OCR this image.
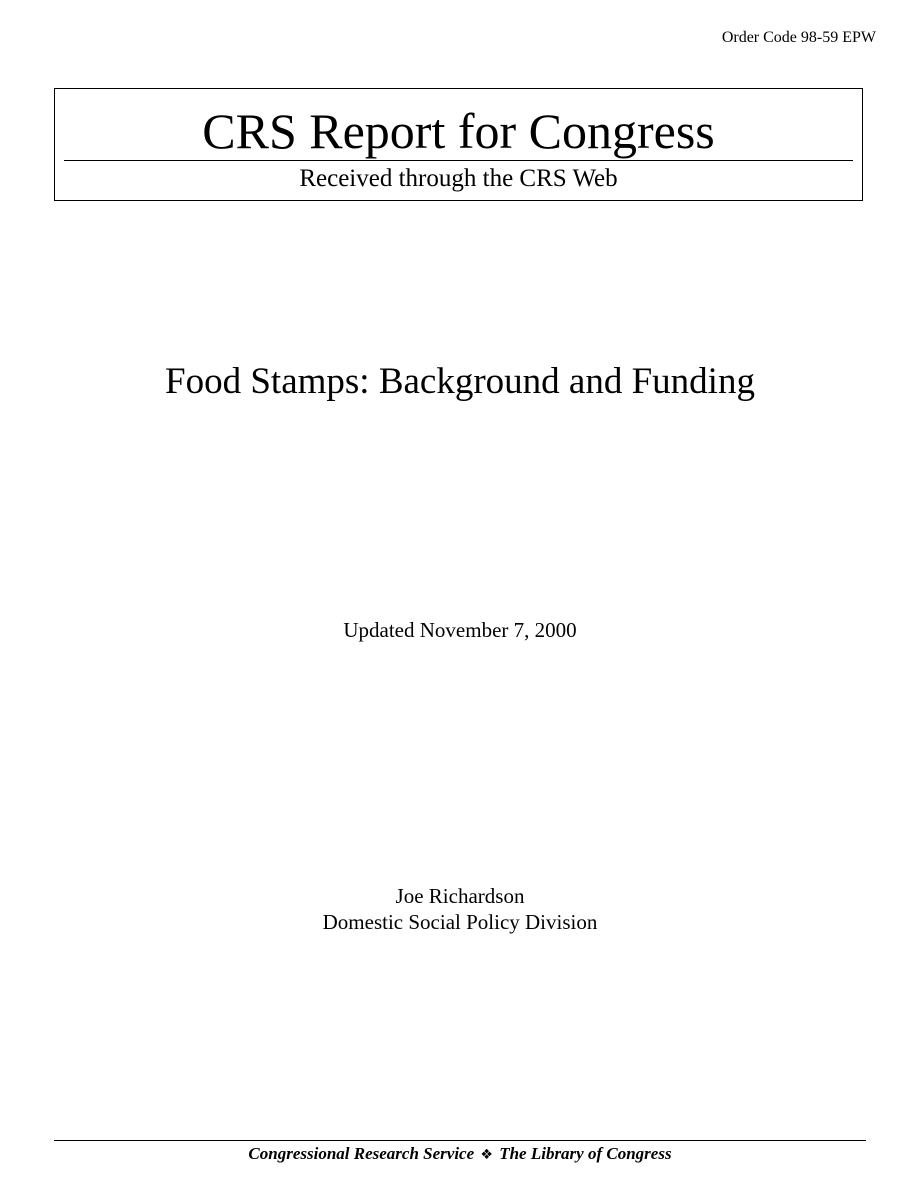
Order Code 98-59 EPW
CRS Report for Congress
Received through the CRS Web
Food Stamps: Background and Funding
Updated November 7, 2000
Joe Richardson
Domestic Social Policy Division
Congressional Research Service ❖ The Library of Congress
